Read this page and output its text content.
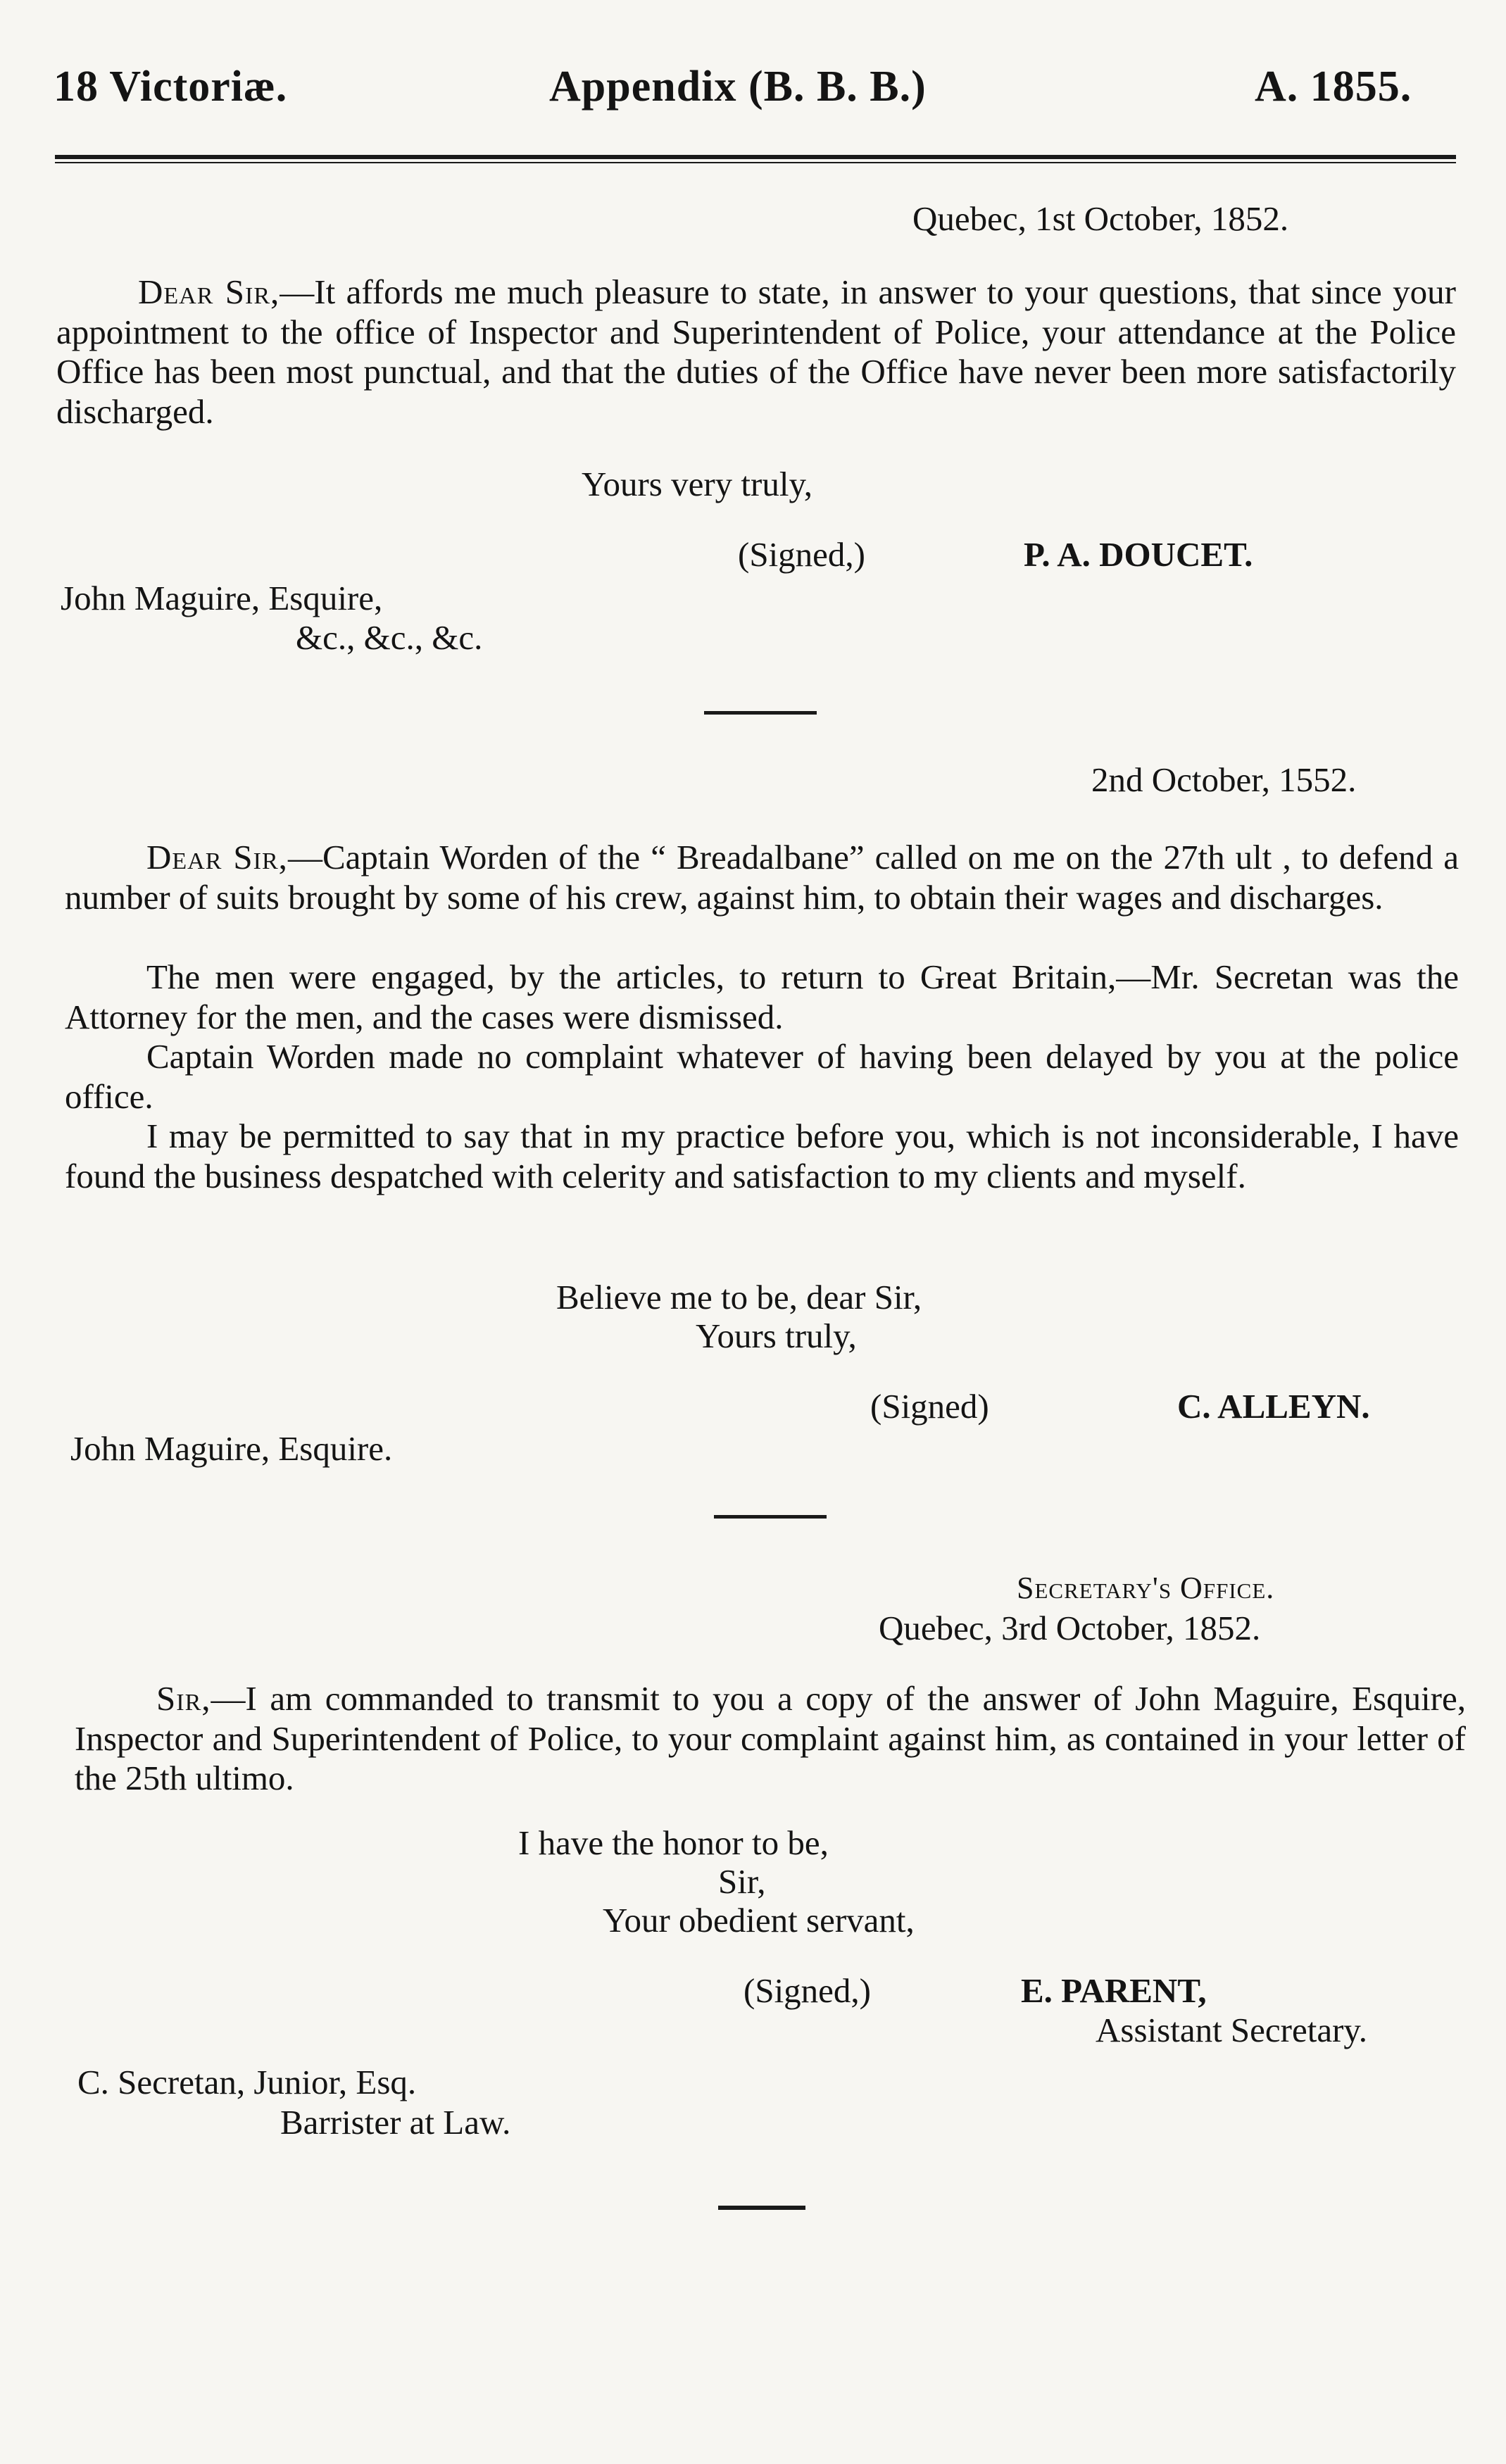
18 Victoriæ.	Appendix (B. B. B.)	A. 1855.
Quebec, 1st October, 1852.
Dear Sir,—It affords me much pleasure to state, in answer to your questions, that since your appointment to the office of Inspector and Superintendent of Police, your attendance at the Police Office has been most punctual, and that the duties of the Office have never been more satisfactorily discharged.
Yours very truly,
(Signed,)	P. A. DOUCET.
John Maguire, Esquire,
&c., &c., &c.
2nd October, 1552.
Dear Sir,—Captain Worden of the “ Breadalbane” called on me on the 27th ult , to defend a number of suits brought by some of his crew, against him, to obtain their wages and discharges.
The men were engaged, by the articles, to return to Great Britain,—Mr. Secretan was the Attorney for the men, and the cases were dismissed.
Captain Worden made no complaint whatever of having been delayed by you at the police office.
I may be permitted to say that in my practice before you, which is not inconsiderable, I have found the business despatched with celerity and satisfaction to my clients and myself.
Believe me to be, dear Sir,
Yours truly,
(Signed)	C. ALLEYN.
John Maguire, Esquire.
Secretary's Office.
Quebec, 3rd October, 1852.
Sir,—I am commanded to transmit to you a copy of the answer of John Maguire, Esquire, Inspector and Superintendent of Police, to your complaint against him, as contained in your letter of the 25th ultimo.
I have the honor to be,
Sir,
Your obedient servant,
(Signed,)	E. PARENT,
Assistant Secretary.
C. Secretan, Junior, Esq.
Barrister at Law.
